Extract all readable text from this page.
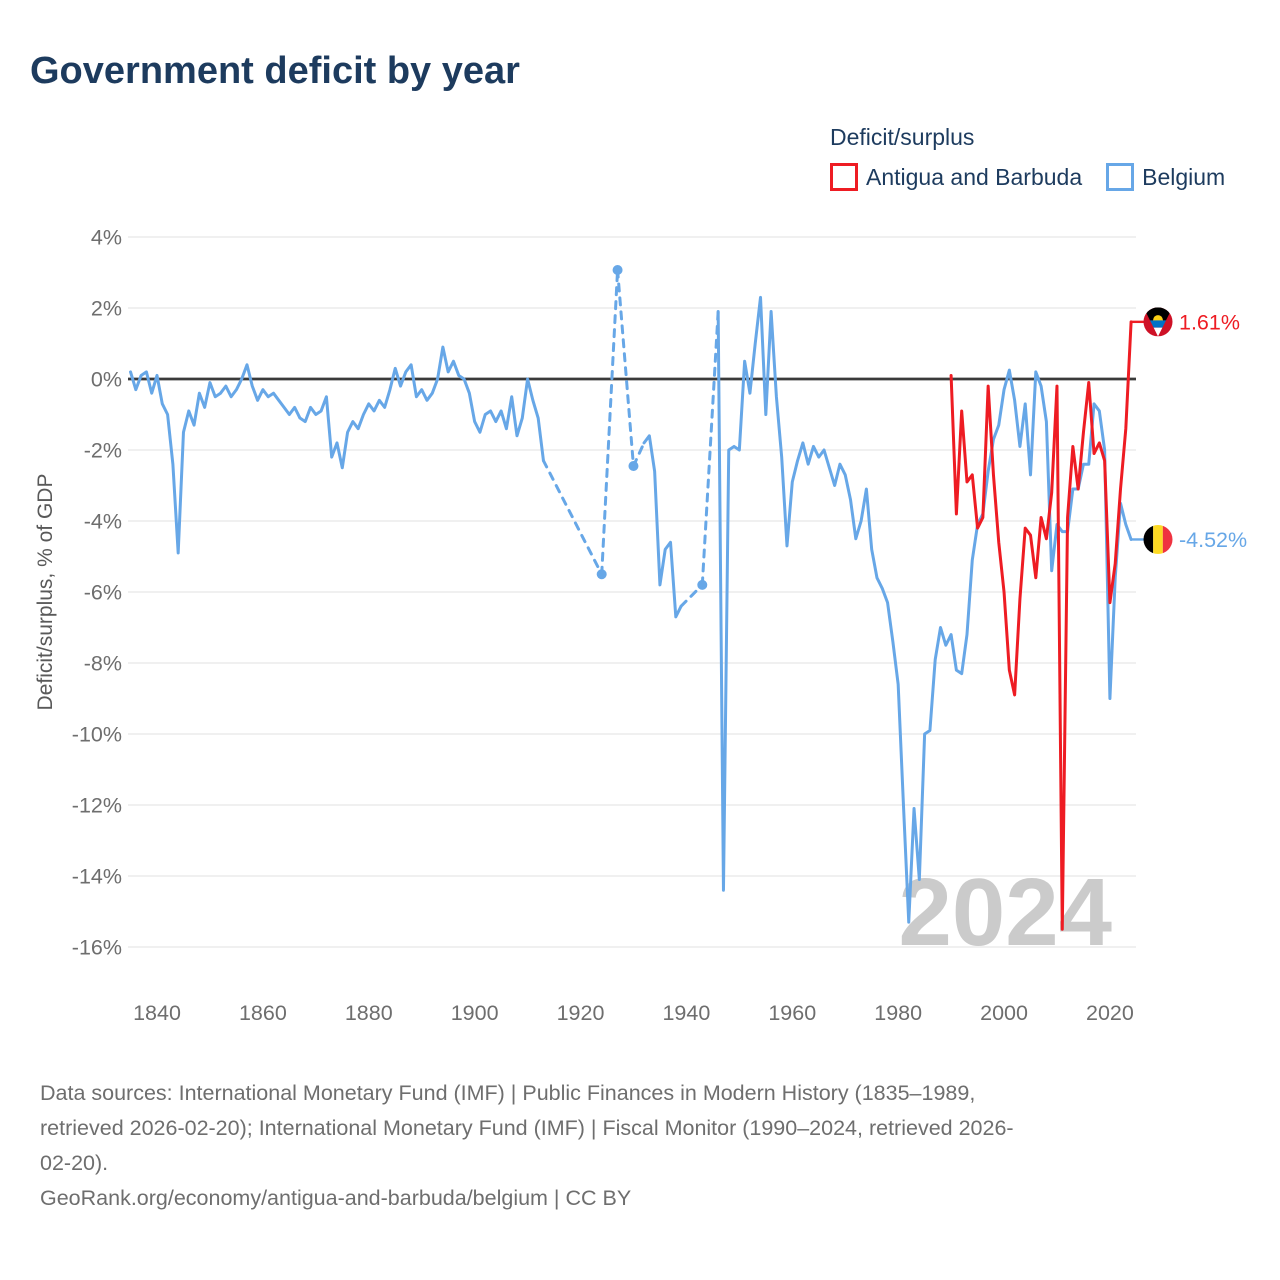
Government deficit by year
Deficit/surplus
Antigua and Barbuda	Belgium
Deficit/surplus, % of GDP
4%
2%
0%
-2%
-4%
-6%
-8%
-10%
-12%
-14%
-16%	2024
1840	1860	1880	1900	1920	1940	1960	1980	2000	2020
-4.52%
1.61%
Data sources: International Monetary Fund (IMF) | Public Finances in Modern History (1835–1989,
retrieved 2026-02-20); International Monetary Fund (IMF) | Fiscal Monitor (1990–2024, retrieved 2026-
02-20).
GeoRank.org/economy/antigua-and-barbuda/belgium | CC BY
